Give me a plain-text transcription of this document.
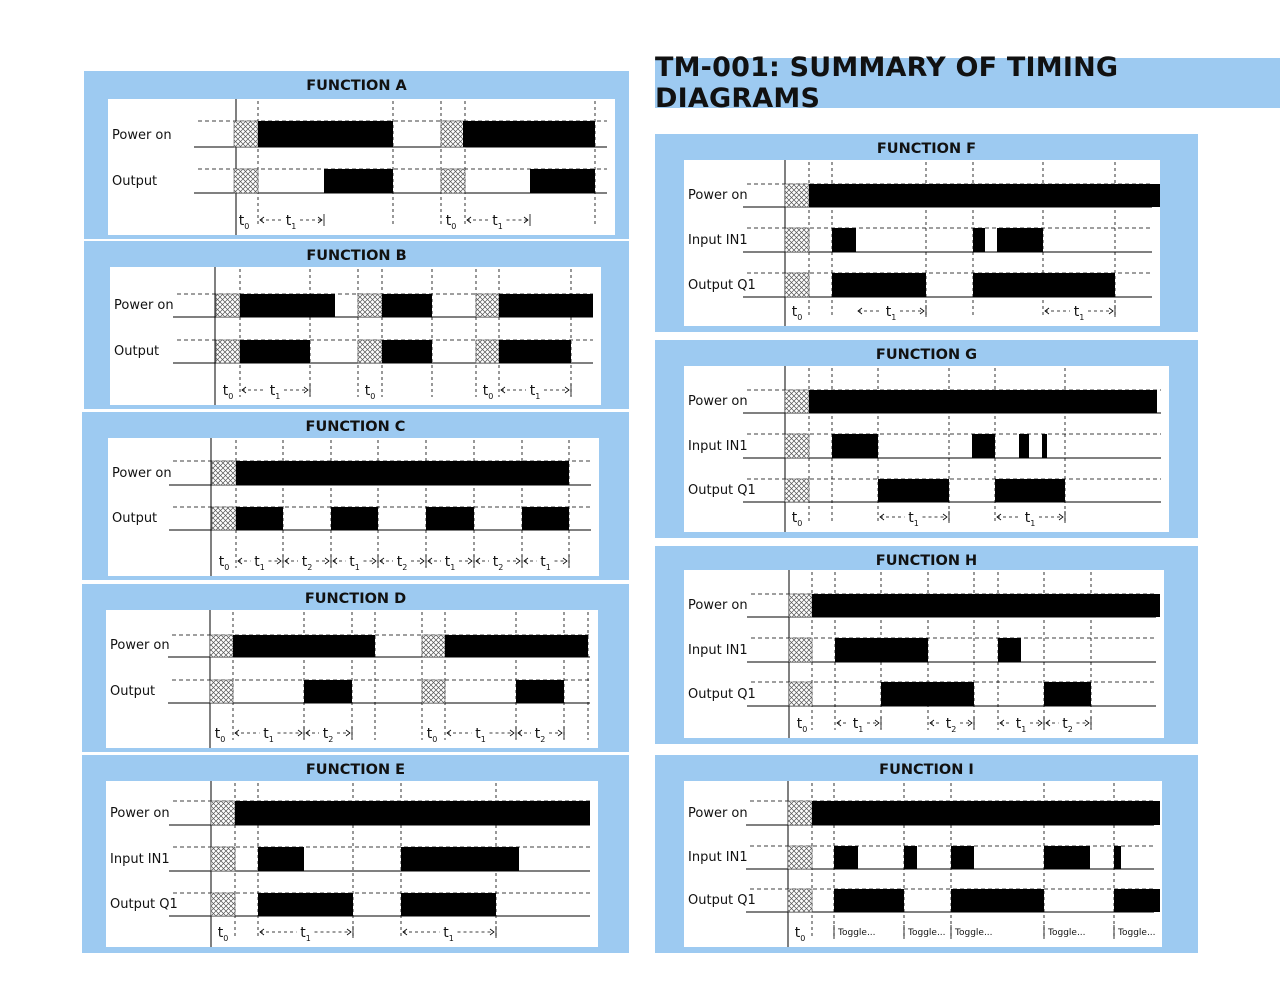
TM-001: SUMMARY OF TIMING DIAGRAMS
FUNCTION A
Power on
Output
$t_0$	$t_1$	$t_0$	$t_1$
FUNCTION B
Power on
Output
$t_0$	$t_1$	$t_0$	$t_0$	$t_1$
FUNCTION C
Power on
Output
$t_0$ $t_1$	$t_2$	$t_1$	$t_2$	$t_1$	$t_2$	$t_1$
FUNCTION D
Power on
Output
$t_0$	$t_1$	$t_2$	$t_0$	$t_1$	$t_2$
FUNCTION E
Power on
Input IN1
Output Q1
$t_0$	$t_1$	$t_1$
FUNCTION F
Power on
Input IN1
Output Q1
$t_0$	$t_1$	$t_1$
FUNCTION G
Power on
Input IN1
Output Q1
$t_0$	$t_1$	$t_1$
FUNCTION H
Power on
Input IN1
Output Q1
$t_0$	$t_1$	$t_2$	$t_1$	$t_2$
FUNCTION I
Power on
Input IN1
Output Q1
$t_0$
Toggle...	Toggle... Toggle...	Toggle...	Toggle...
